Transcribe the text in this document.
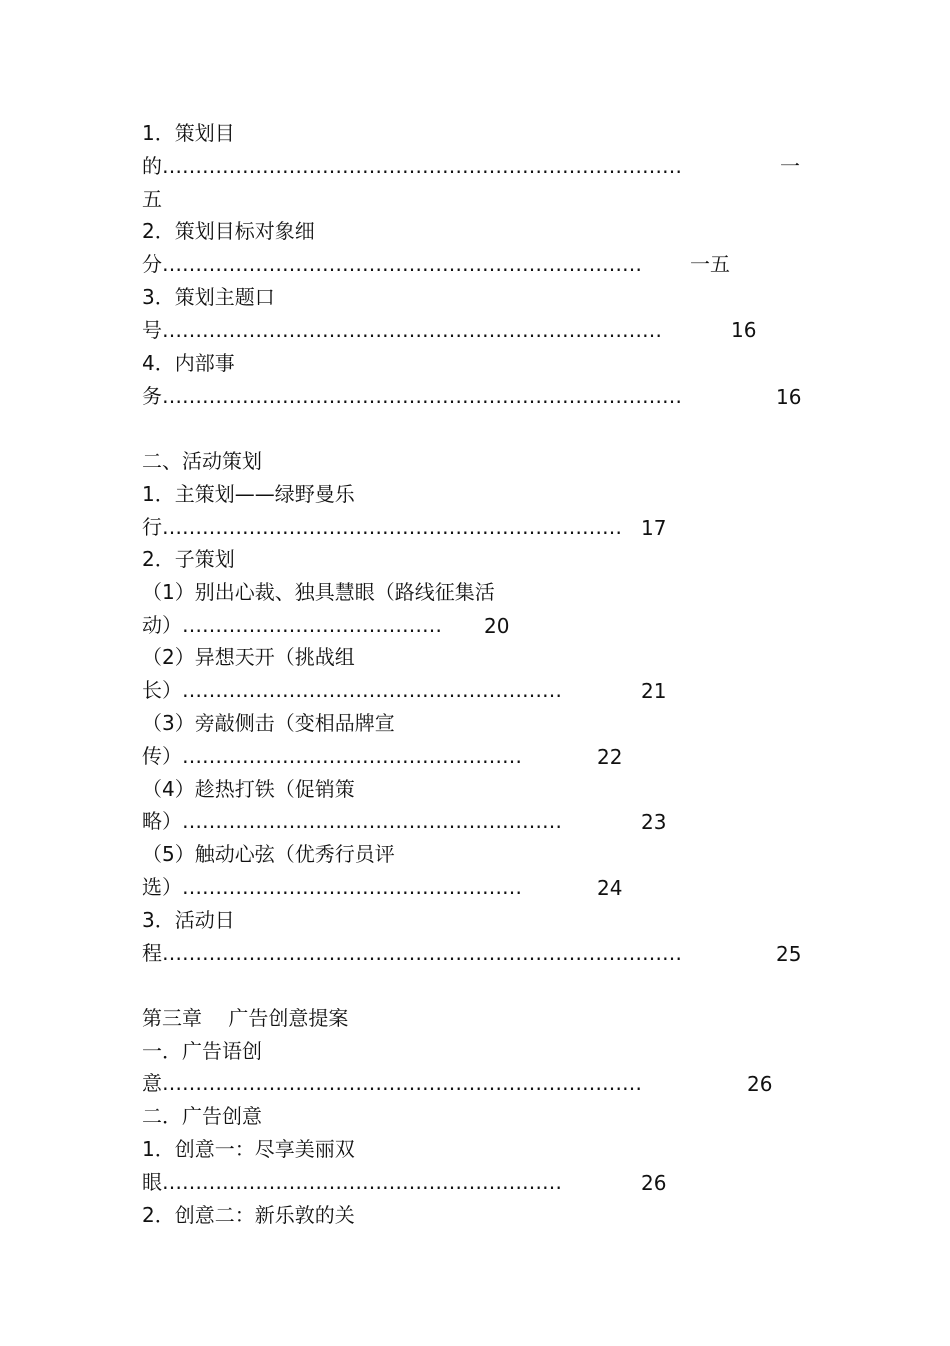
1．策划目
的……………………………………………………………………	一
五
2．策划目标对象细
分……………………………………………………………… 一五
3．策划主题口
号…………………………………………………………………	16
4．内部事
务……………………………………………………………………	16
二、活动策划
1．主策划——绿野曼乐
行…………………………………………………………… 17
2．子策划
（1）别出心裁、独具慧眼（路线征集活
动）………………………………… 20
（2）异想天开（挑战组
长）…………………………………………………	21
（3）旁敲侧击（变相品牌宣
传）……………………………………………	22
（4）趁热打铁（促销策
略）…………………………………………………	23
（5）触动心弦（优秀行员评
选）……………………………………………	24
3．活动日
程……………………………………………………………………	25
第三章　 广告创意提案
一．广告语创
意………………………………………………………………	26
二．广告创意
1．创意一：尽享美丽双
眼……………………………………………………	26
2．创意二：新乐敦的关
